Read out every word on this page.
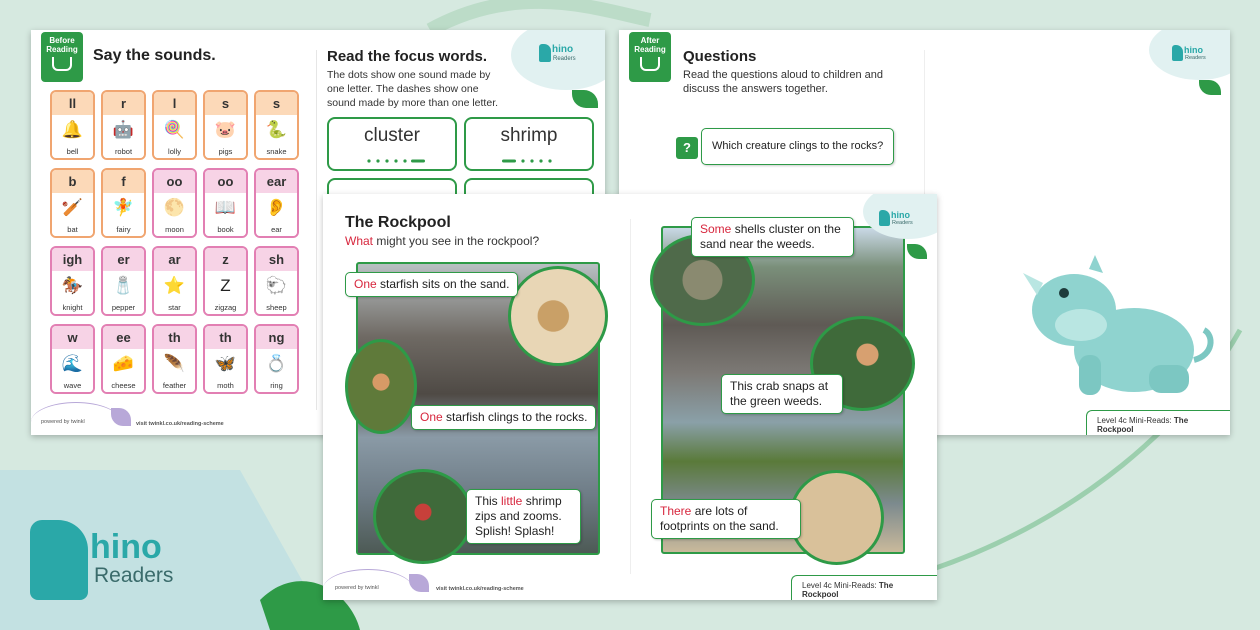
hino
Readers
Before Reading Say the sounds.
ll
🔔
bell
r
🤖
robot
l
🍭
lolly
s
🐷
pigs
s
🐍
snake
b
🏏
bat
f
🧚
fairy
oo
🌕
moon
oo
📖
book
ear
👂
ear
igh
🏇
knight
er
🧂
pepper
ar
⭐
star
z
Z
zigzag
sh
🐑
sheep
w
🌊
wave
ee
🧀
cheese
th
🪶
feather
th
🦋
moth
ng
💍
ring
Read the focus words.
The dots show one sound made by one letter. The dashes show one sound made by more than one letter.
hino
Readers
cluster	shrimp
powered by twinkl	visit twinkl.co.uk/reading-scheme
After Reading	Questions
Read the questions aloud to children and discuss the answers together.
?	Which creature clings to the rocks?
hino
Readers
Level 4c Mini-Reads: The Rockpool
The Rockpool
What might you see in the rockpool?
One starfish sits on the sand.
One starfish clings to the rocks.
This little shrimp zips and zooms. Splish! Splash!
Some shells cluster on the sand near the weeds.
This crab snaps at the green weeds.
There are lots of footprints on the sand.
hino
Readers
powered by twinkl	visit twinkl.co.uk/reading-scheme	Level 4c Mini-Reads: The Rockpool
